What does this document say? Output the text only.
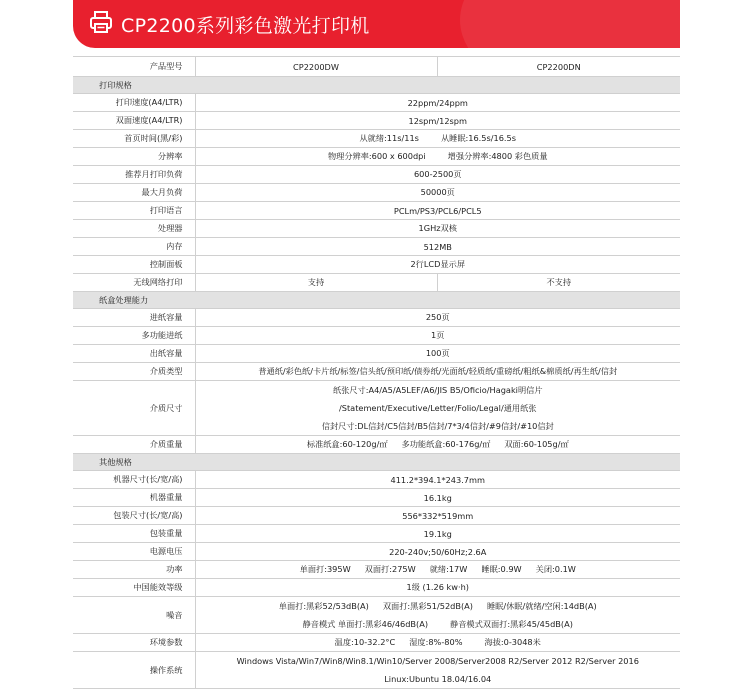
CP2200系列彩色激光打印机
产品型号	CP2200DW	CP2200DN
打印规格		
打印速度(A4/LTR)	22ppm/24ppm	
双面速度(A4/LTR)	12spm/12spm	
首页时间(黑/彩)	从就绪:11s/11s 从睡眠:16.5s/16.5s	
分辨率	物理分辨率:600 x 600dpi 增强分辨率:4800 彩色质量	
推荐月打印负荷	600-2500页	
最大月负荷	50000页	
打印语言	PCLm/PS3/PCL6/PCL5	
处理器	1GHz双核	
内存	512MB	
控制面板	2行LCD显示屏	
无线网络打印	支持	不支持
纸盒处理能力		
进纸容量	250页	
多功能进纸	1页	
出纸容量	100页	
介质类型	普通纸/彩色纸/卡片纸/标签/信头纸/预印纸/债券纸/光面纸/轻质纸/重磅纸/粗纸&棉质纸/再生纸/信封	
介质尺寸	纸张尺寸:A4/A5/A5LEF/A6/JIS B5/Oficio/Hagaki明信片
/Statement/Executive/Letter/Folio/Legal/通用纸张
信封尺寸:DL信封/C5信封/B5信封/7*3/4信封/#9信封/#10信封	

介质重量	标准纸盒:60-120g/㎡ 多功能纸盒:60-176g/㎡ 双面:60-105g/㎡	
其他规格		
机器尺寸(长/宽/高)	411.2*394.1*243.7mm	
机器重量	16.1kg	
包装尺寸(长/宽/高)	556*332*519mm	
包装重量	19.1kg	
电源电压	220-240v;50/60Hz;2.6A	
功率	单面打:395W 双面打:275W 就绪:17W 睡眠:0.9W 关闭:0.1W	
中国能效等级	1级 (1.26 kw·h)	
噪音	单面打:黑彩52/53dB(A) 双面打:黑彩51/52dB(A) 睡眠/休眠/就绪/空闲:14dB(A)
静音模式 单面打:黑彩46/46dB(A) 静音模式双面打:黑彩45/45dB(A)	

环境参数	温度:10-32.2°C 湿度:8%-80% 海拔:0-3048米	
操作系统	Windows Vista/Win7/Win8/Win8.1/Win10/Server 2008/Server2008 R2/Server 2012 R2/Server 2016
Linux:Ubuntu 18.04/16.04	
